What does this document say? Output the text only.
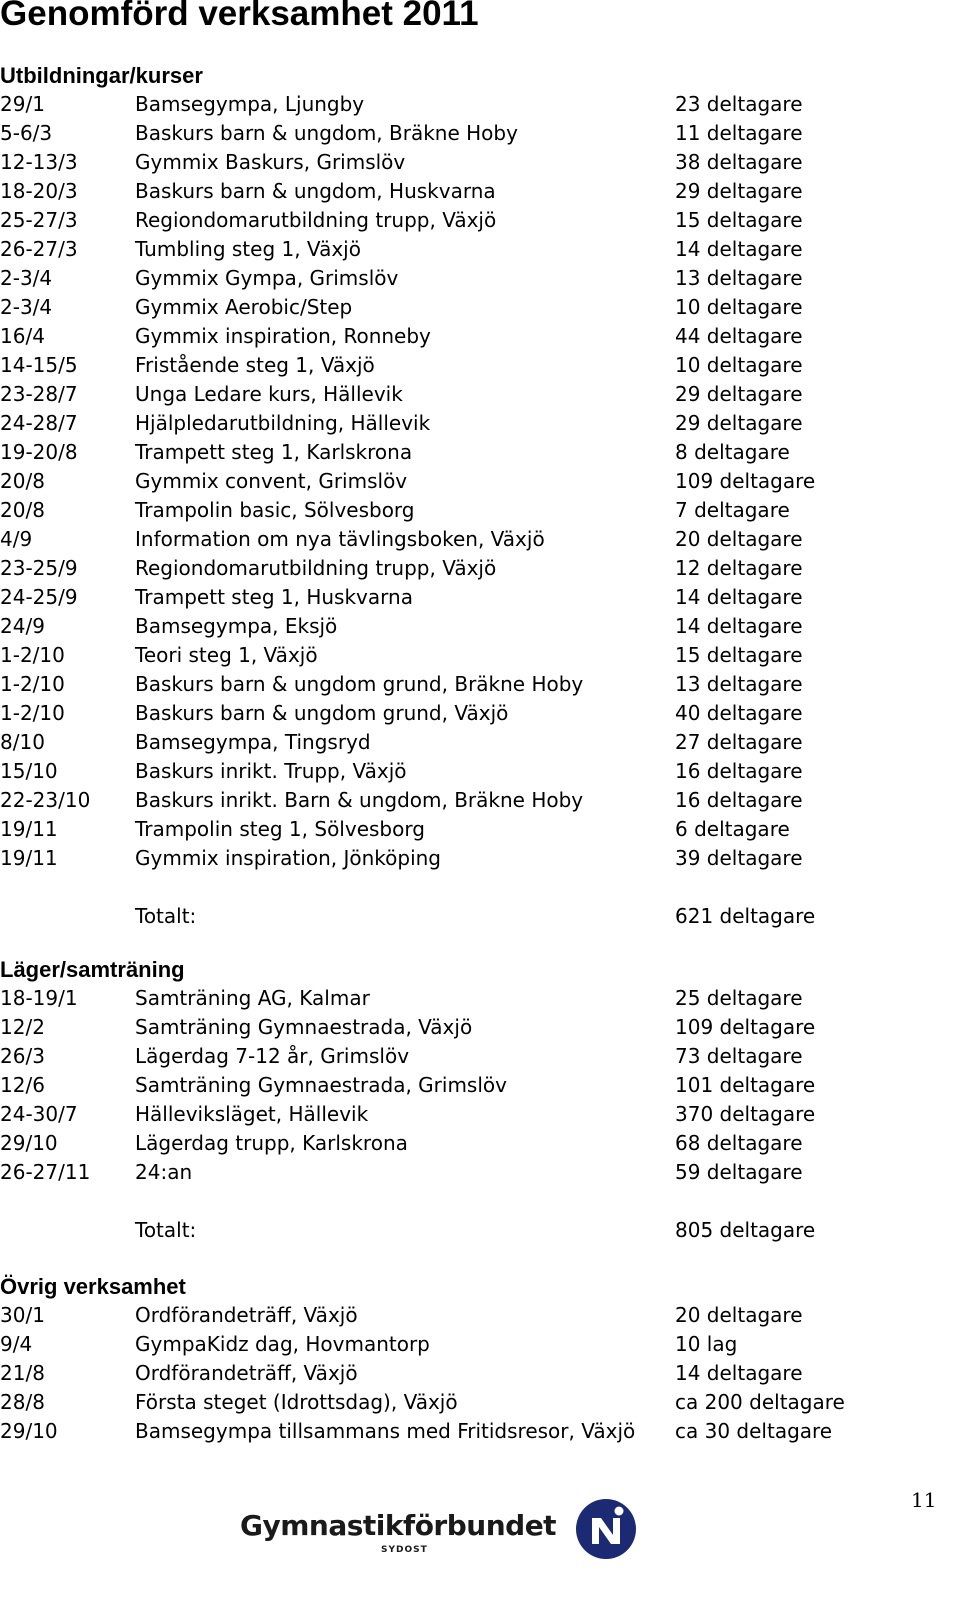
Genomförd verksamhet 2011
Utbildningar/kurser
29/1	Bamsegympa, Ljungby	23 deltagare
5-6/3	Baskurs barn & ungdom, Bräkne Hoby	11 deltagare
12-13/3	Gymmix Baskurs, Grimslöv	38 deltagare
18-20/3	Baskurs barn & ungdom, Huskvarna	29 deltagare
25-27/3	Regiondomarutbildning trupp, Växjö	15 deltagare
26-27/3	Tumbling steg 1, Växjö	14 deltagare
2-3/4	Gymmix Gympa, Grimslöv	13 deltagare
2-3/4	Gymmix Aerobic/Step	10 deltagare
16/4	Gymmix inspiration, Ronneby	44 deltagare
14-15/5	Fristående steg 1, Växjö	10 deltagare
23-28/7	Unga Ledare kurs, Hällevik	29 deltagare
24-28/7	Hjälpledarutbildning, Hällevik	29 deltagare
19-20/8	Trampett steg 1, Karlskrona	8 deltagare
20/8	Gymmix convent, Grimslöv	109 deltagare
20/8	Trampolin basic, Sölvesborg	7 deltagare
4/9	Information om nya tävlingsboken, Växjö	20 deltagare
23-25/9	Regiondomarutbildning trupp, Växjö	12 deltagare
24-25/9	Trampett steg 1, Huskvarna	14 deltagare
24/9	Bamsegympa, Eksjö	14 deltagare
1-2/10	Teori steg 1, Växjö	15 deltagare
1-2/10	Baskurs barn & ungdom grund, Bräkne Hoby	13 deltagare
1-2/10	Baskurs barn & ungdom grund, Växjö	40 deltagare
8/10	Bamsegympa, Tingsryd	27 deltagare
15/10	Baskurs inrikt. Trupp, Växjö	16 deltagare
22-23/10 Baskurs inrikt. Barn & ungdom, Bräkne Hoby	16 deltagare
19/11	Trampolin steg 1, Sölvesborg	6 deltagare
19/11	Gymmix inspiration, Jönköping	39 deltagare
Totalt:	621 deltagare
Läger/samträning
18-19/1	Samträning AG, Kalmar	25 deltagare
12/2	Samträning Gymnaestrada, Växjö	109 deltagare
26/3	Lägerdag 7-12 år, Grimslöv	73 deltagare
12/6	Samträning Gymnaestrada, Grimslöv	101 deltagare
24-30/7	Hälleviksläget, Hällevik	370 deltagare
29/10	Lägerdag trupp, Karlskrona	68 deltagare
26-27/11 24:an	59 deltagare
Totalt:	805 deltagare
Övrig verksamhet
30/1	Ordförandeträff, Växjö	20 deltagare
9/4	GympaKidz dag, Hovmantorp	10 lag
21/8	Ordförandeträff, Växjö	14 deltagare
28/8	Första steget (Idrottsdag), Växjö	ca 200 deltagare
29/10	Bamsegympa tillsammans med Fritidsresor, Växjö ca 30 deltagare
Gymnastikförbundet
SYDOST
11
